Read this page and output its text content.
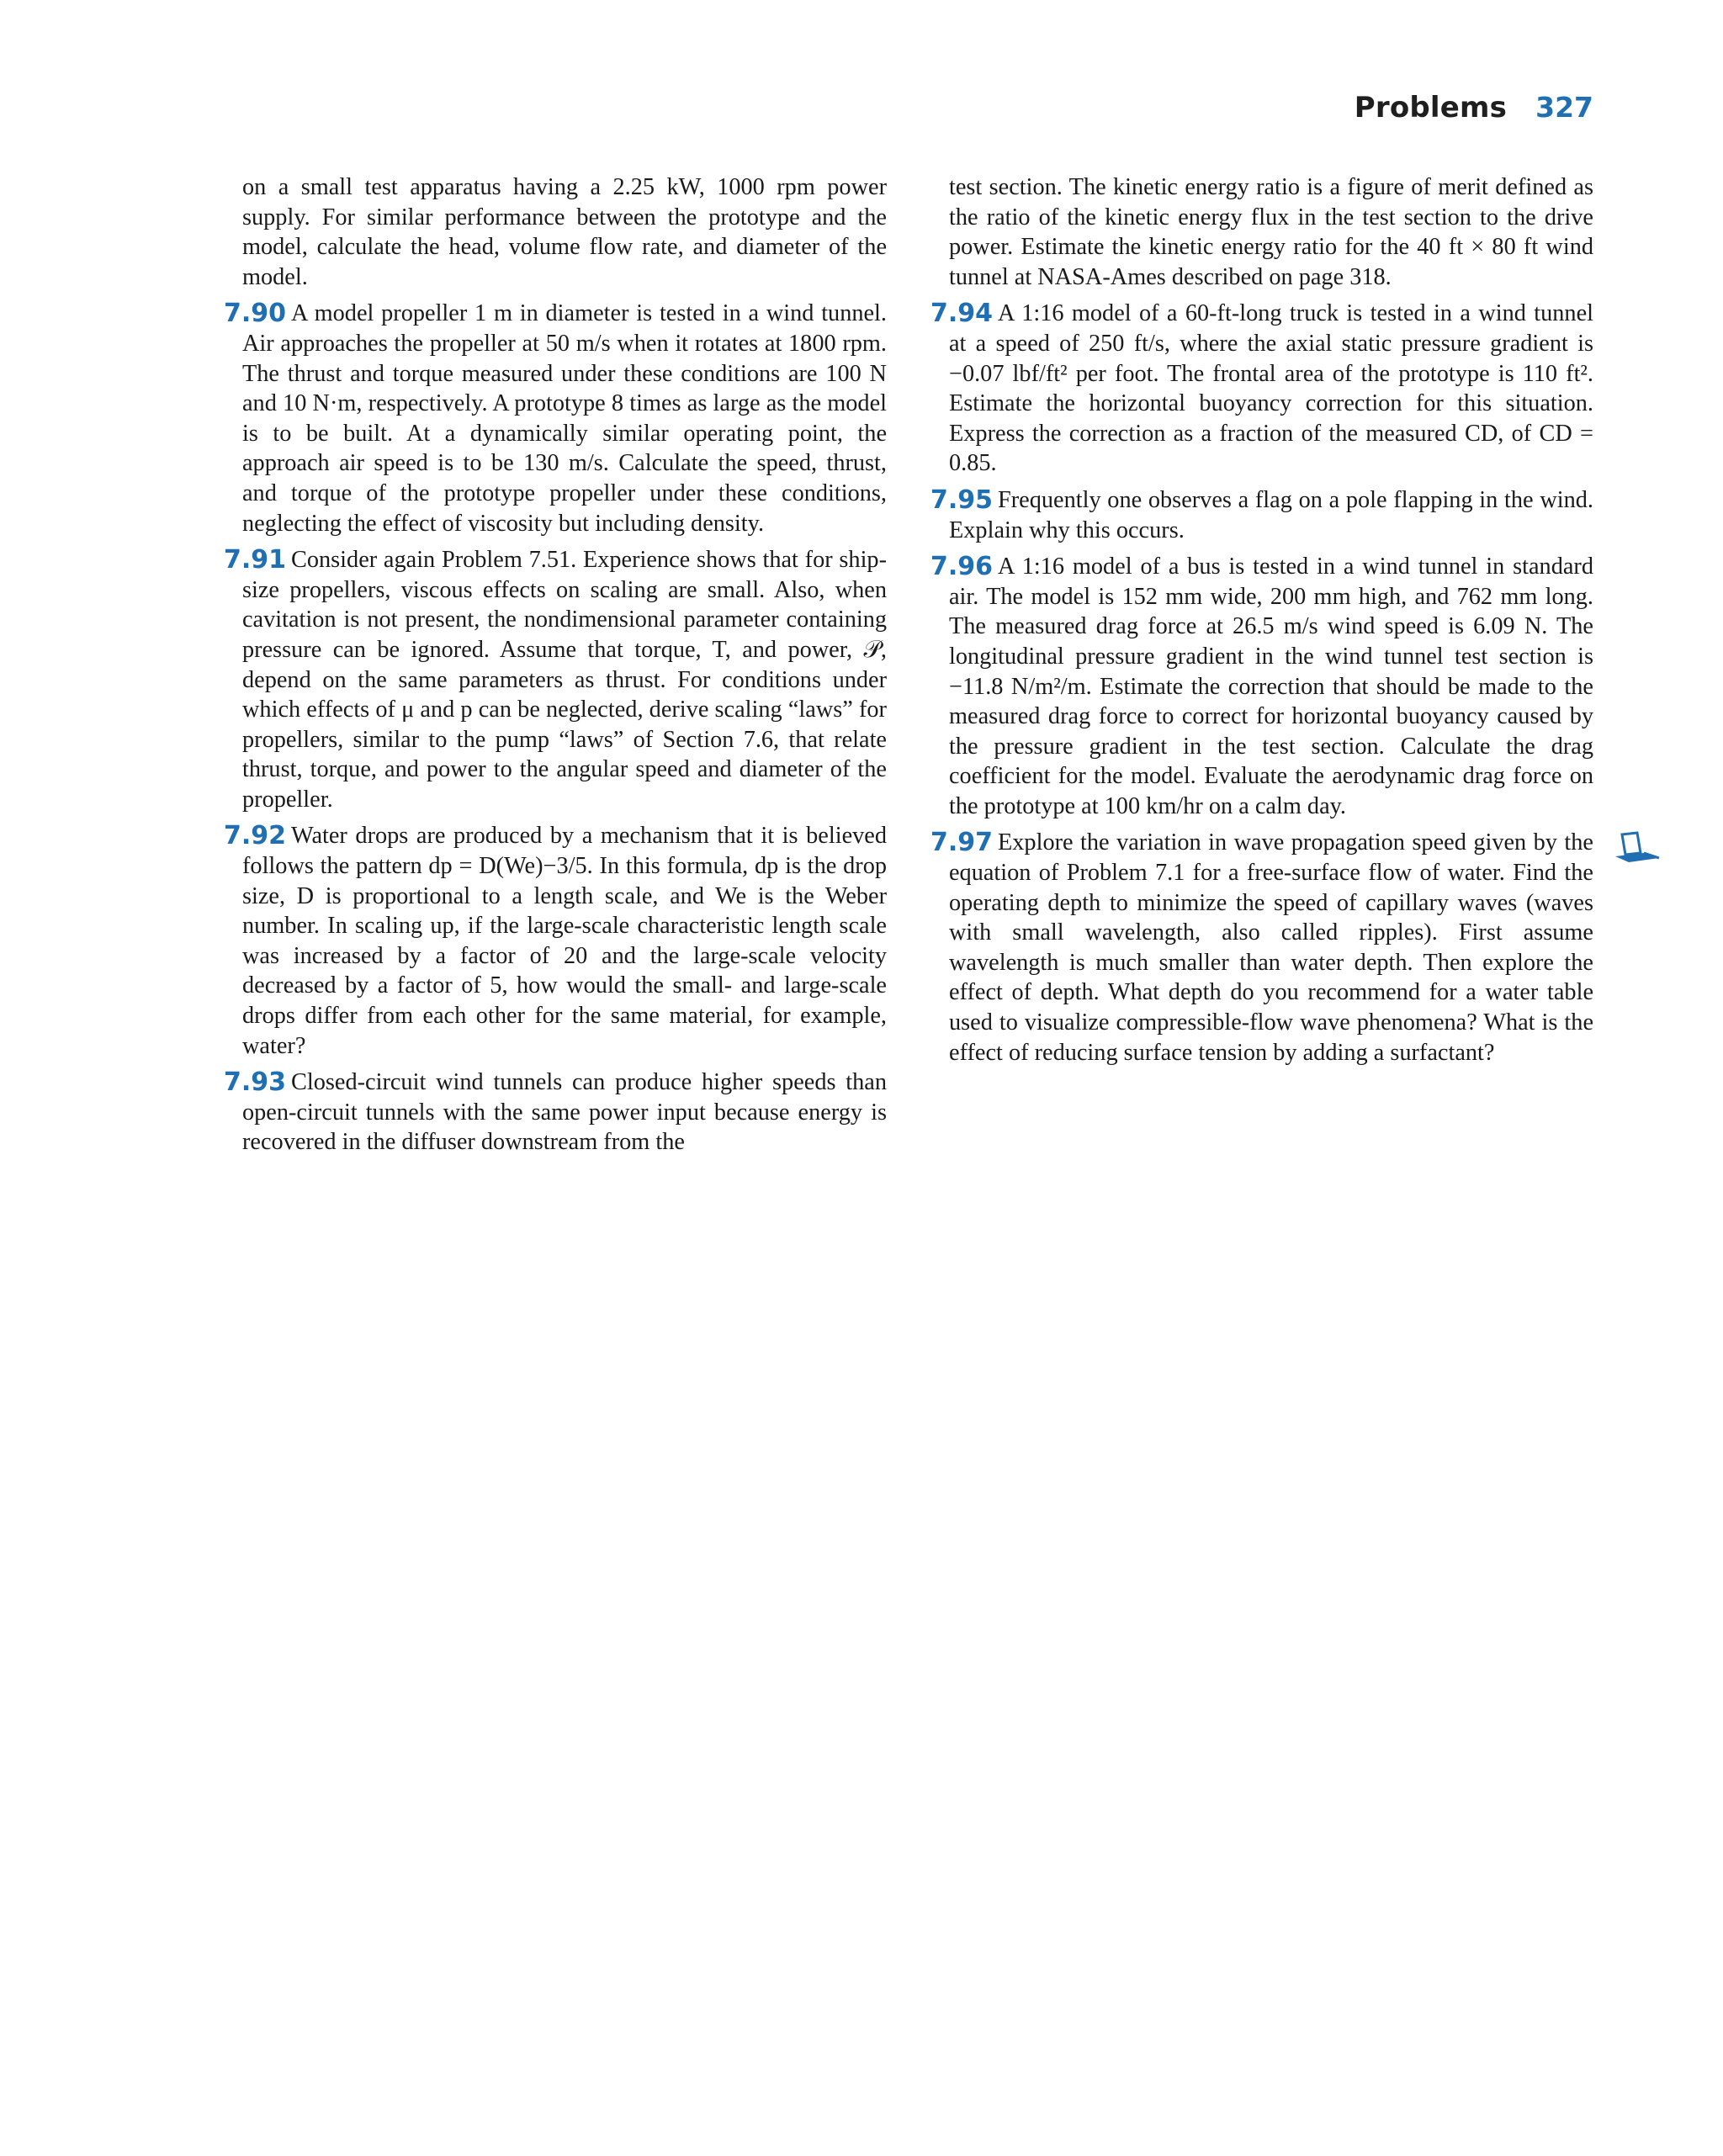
Problems 327

on a small test apparatus having a 2.25 kW, 1000 rpm power supply. For similar performance between the prototype and the model, calculate the head, volume flow rate, and diameter of the model.

7.90 A model propeller 1 m in diameter is tested in a wind tunnel. Air approaches the propeller at 50 m/s when it rotates at 1800 rpm. The thrust and torque measured under these conditions are 100 N and 10 N·m, respectively. A prototype 8 times as large as the model is to be built. At a dynamically similar operating point, the approach air speed is to be 130 m/s. Calculate the speed, thrust, and torque of the prototype propeller under these conditions, neglecting the effect of viscosity but including density.

7.91 Consider again Problem 7.51. Experience shows that for ship-size propellers, viscous effects on scaling are small. Also, when cavitation is not present, the nondimensional parameter containing pressure can be ignored. Assume that torque, T, and power, 𝒫, depend on the same parameters as thrust. For conditions under which effects of μ and p can be neglected, derive scaling “laws” for propellers, similar to the pump “laws” of Section 7.6, that relate thrust, torque, and power to the angular speed and diameter of the propeller.

7.92 Water drops are produced by a mechanism that it is believed follows the pattern dp = D(We)−3/5. In this formula, dp is the drop size, D is proportional to a length scale, and We is the Weber number. In scaling up, if the large-scale characteristic length scale was increased by a factor of 20 and the large-scale velocity decreased by a factor of 5, how would the small- and large-scale drops differ from each other for the same material, for example, water?

7.93 Closed-circuit wind tunnels can produce higher speeds than open-circuit tunnels with the same power input because energy is recovered in the diffuser downstream from the

test section. The kinetic energy ratio is a figure of merit defined as the ratio of the kinetic energy flux in the test section to the drive power. Estimate the kinetic energy ratio for the 40 ft × 80 ft wind tunnel at NASA-Ames described on page 318.

7.94 A 1:16 model of a 60-ft-long truck is tested in a wind tunnel at a speed of 250 ft/s, where the axial static pressure gradient is −0.07 lbf/ft² per foot. The frontal area of the prototype is 110 ft². Estimate the horizontal buoyancy correction for this situation. Express the correction as a fraction of the measured CD, of CD = 0.85.

7.95 Frequently one observes a flag on a pole flapping in the wind. Explain why this occurs.

7.96 A 1:16 model of a bus is tested in a wind tunnel in standard air. The model is 152 mm wide, 200 mm high, and 762 mm long. The measured drag force at 26.5 m/s wind speed is 6.09 N. The longitudinal pressure gradient in the wind tunnel test section is −11.8 N/m²/m. Estimate the correction that should be made to the measured drag force to correct for horizontal buoyancy caused by the pressure gradient in the test section. Calculate the drag coefficient for the model. Evaluate the aerodynamic drag force on the prototype at 100 km/hr on a calm day.

7.97 Explore the variation in wave propagation speed given by the equation of Problem 7.1 for a free-surface flow of water. Find the operating depth to minimize the speed of capillary waves (waves with small wavelength, also called ripples). First assume wavelength is much smaller than water depth. Then explore the effect of depth. What depth do you recommend for a water table used to visualize compressible-flow wave phenomena? What is the effect of reducing surface tension by adding a surfactant?
